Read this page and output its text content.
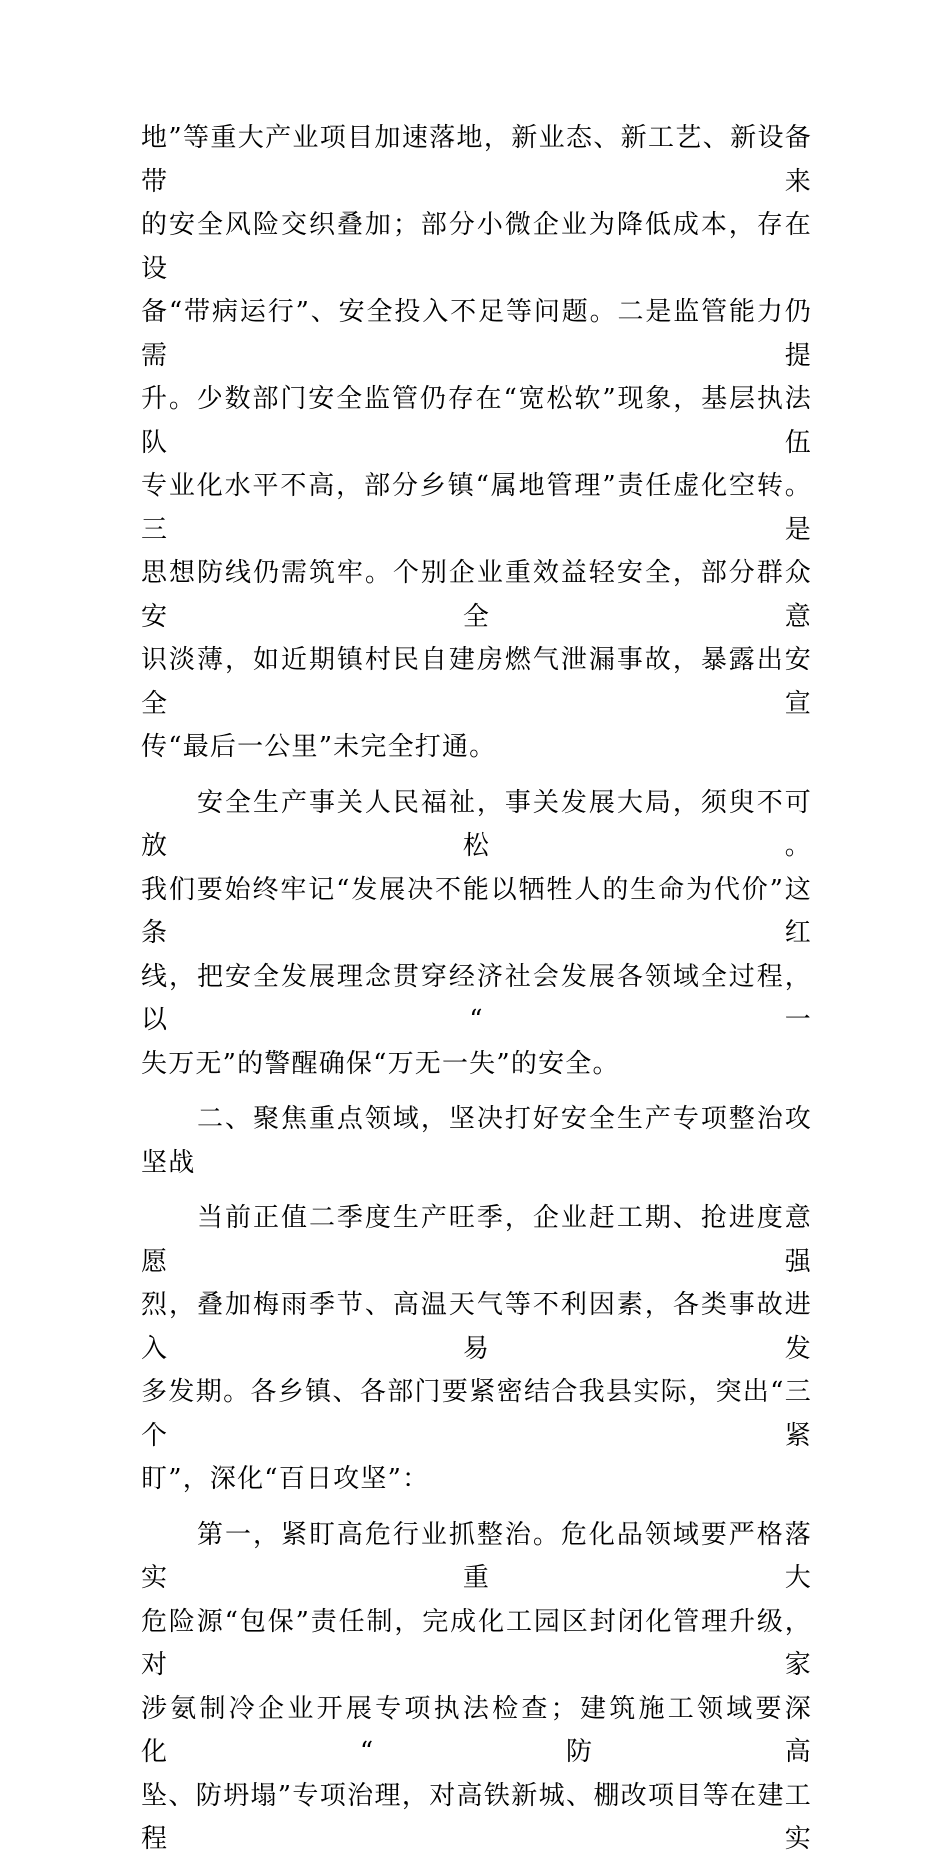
地”等重大产业项目加速落地，新业态、新工艺、新设备带来
的安全风险交织叠加；部分小微企业为降低成本，存在设
备“带病运行”、安全投入不足等问题。二是监管能力仍需提
升。少数部门安全监管仍存在“宽松软”现象，基层执法队伍
专业化水平不高，部分乡镇“属地管理”责任虚化空转。三是
思想防线仍需筑牢。个别企业重效益轻安全，部分群众安全意
识淡薄，如近期镇村民自建房燃气泄漏事故，暴露出安全宣
传“最后一公里”未完全打通。
　　安全生产事关人民福祉，事关发展大局，须臾不可放松。
我们要始终牢记“发展决不能以牺牲人的生命为代价”这条红
线，把安全发展理念贯穿经济社会发展各领域全过程，以“一
失万无”的警醒确保“万无一失”的安全。
　　二、聚焦重点领域，坚决打好安全生产专项整治攻坚战
　　当前正值二季度生产旺季，企业赶工期、抢进度意愿强
烈，叠加梅雨季节、高温天气等不利因素，各类事故进入易发
多发期。各乡镇、各部门要紧密结合我县实际，突出“三个紧
盯”，深化“百日攻坚”：
　　第一，紧盯高危行业抓整治。危化品领域要严格落实重大
危险源“包保”责任制，完成化工园区封闭化管理升级，对家
涉氨制冷企业开展专项执法检查；建筑施工领域要深化“防高
坠、防坍塌”专项治理，对高铁新城、棚改项目等在建工程实
